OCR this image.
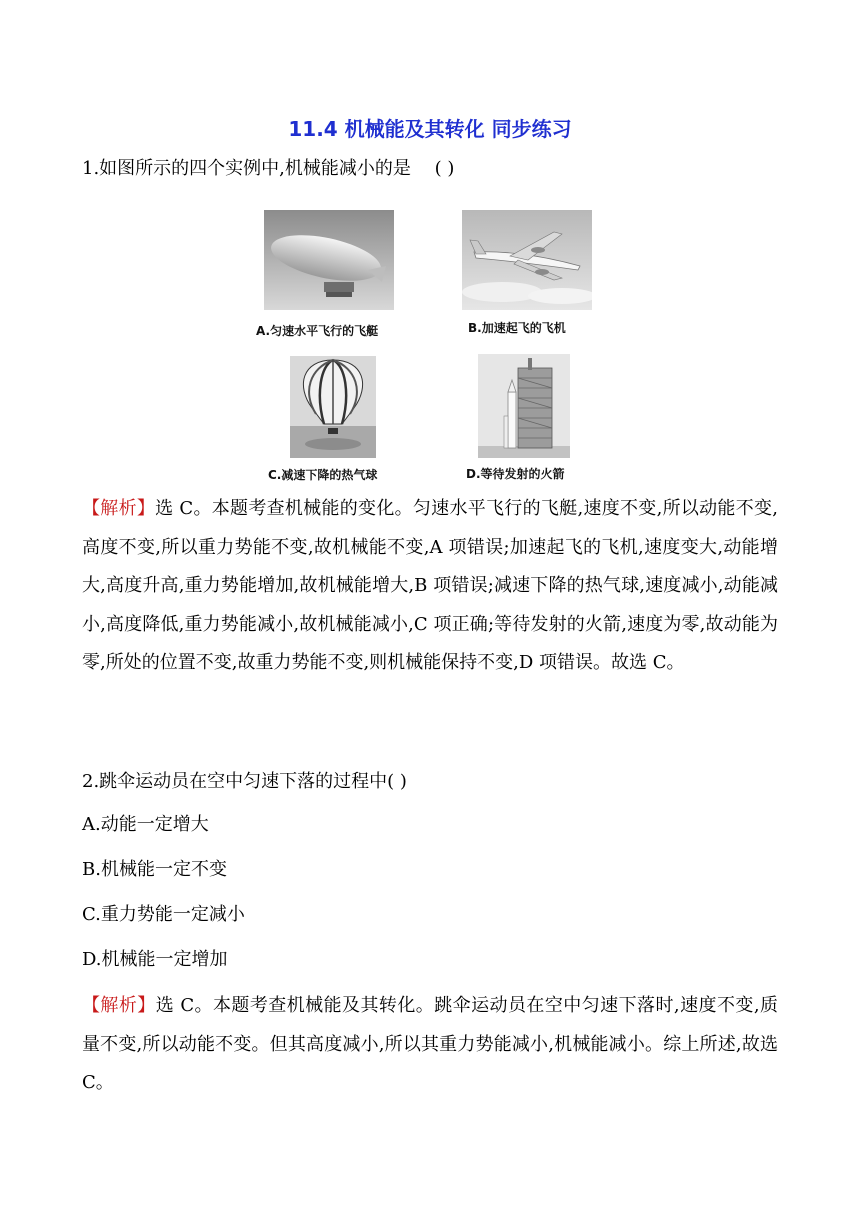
11.4 机械能及其转化 同步练习
1.如图所示的四个实例中,机械能减小的是 ( )
A.匀速水平飞行的飞艇	B.加速起飞的飞机
C.减速下降的热气球	D.等待发射的火箭
【解析】选 C。本题考查机械能的变化。匀速水平飞行的飞艇,速度不变,所以动能不变,高度不变,所以重力势能不变,故机械能不变,A 项错误;加速起飞的飞机,速度变大,动能增大,高度升高,重力势能增加,故机械能增大,B 项错误;减速下降的热气球,速度减小,动能减小,高度降低,重力势能减小,故机械能减小,C 项正确;等待发射的火箭,速度为零,故动能为零,所处的位置不变,故重力势能不变,则机械能保持不变,D 项错误。故选 C。
2.跳伞运动员在空中匀速下落的过程中( )
A.动能一定增大
B.机械能一定不变
C.重力势能一定减小
D.机械能一定增加
【解析】选 C。本题考查机械能及其转化。跳伞运动员在空中匀速下落时,速度不变,质量不变,所以动能不变。但其高度减小,所以其重力势能减小,机械能减小。综上所述,故选 C。
